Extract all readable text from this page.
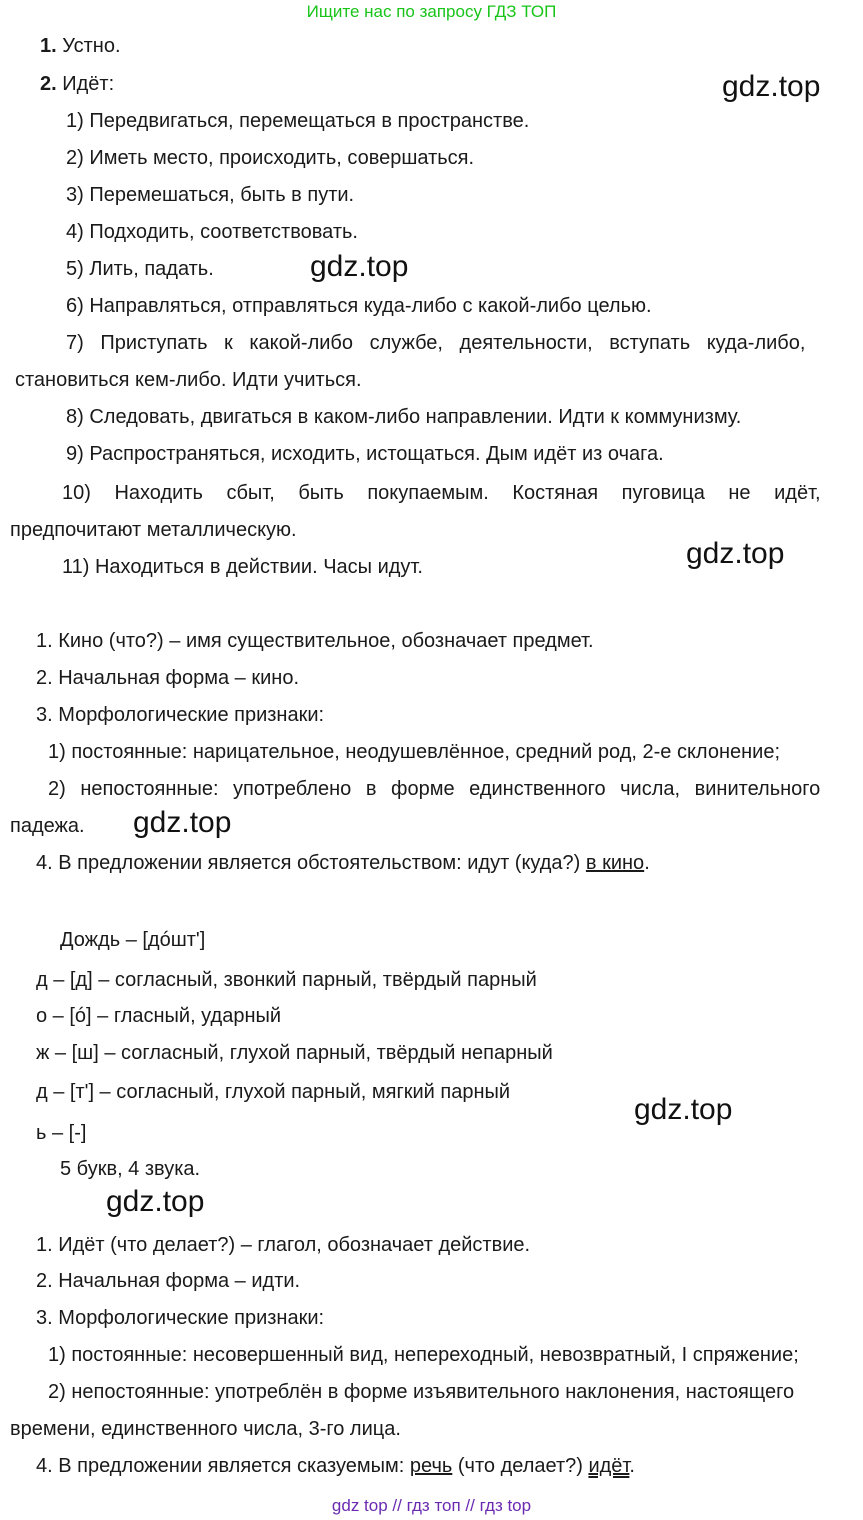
Ищите нас по запросу ГДЗ ТОП
1. Устно.
2. Идёт:
1) Передвигаться, перемещаться в пространстве.
2) Иметь место, происходить, совершаться.
3) Перемешаться, быть в пути.
4) Подходить, соответствовать.
5) Лить, падать.
6) Направляться, отправляться куда-либо с какой-либо целью.
7) Приступать к какой-либо службе, деятельности, вступать куда-либо,
становиться кем-либо. Идти учиться.
8) Следовать, двигаться в каком-либо направлении. Идти к коммунизму.
9) Распространяться, исходить, истощаться. Дым идёт из очага.
10) Находить сбыт, быть покупаемым. Костяная пуговица не идёт,
предпочитают металлическую.
11) Находиться в действии. Часы идут.
1. Кино (что?) – имя существительное, обозначает предмет.
2. Начальная форма – кино.
3. Морфологические признаки:
1) постоянные: нарицательное, неодушевлённое, средний род, 2-е склонение;
2) непостоянные: употреблено в форме единственного числа, винительного
падежа.
4. В предложении является обстоятельством: идут (куда?) в кино.
Дождь – [дóшт']
д – [д] – согласный, звонкий парный, твёрдый парный
о – [ó] – гласный, ударный
ж – [ш] – согласный, глухой парный, твёрдый непарный
д – [т'] – согласный, глухой парный, мягкий парный
ь – [-]
5 букв, 4 звука.
1. Идёт (что делает?) – глагол, обозначает действие.
2. Начальная форма – идти.
3. Морфологические признаки:
1) постоянные: несовершенный вид, непереходный, невозвратный, I спряжение;
2) непостоянные: употреблён в форме изъявительного наклонения, настоящего
времени, единственного числа, 3-го лица.
4. В предложении является сказуемым: речь (что делает?) идёт.
gdz.top
gdz.top
gdz.top
gdz.top
gdz.top
gdz.top
gdz top // гдз топ // гдз top
